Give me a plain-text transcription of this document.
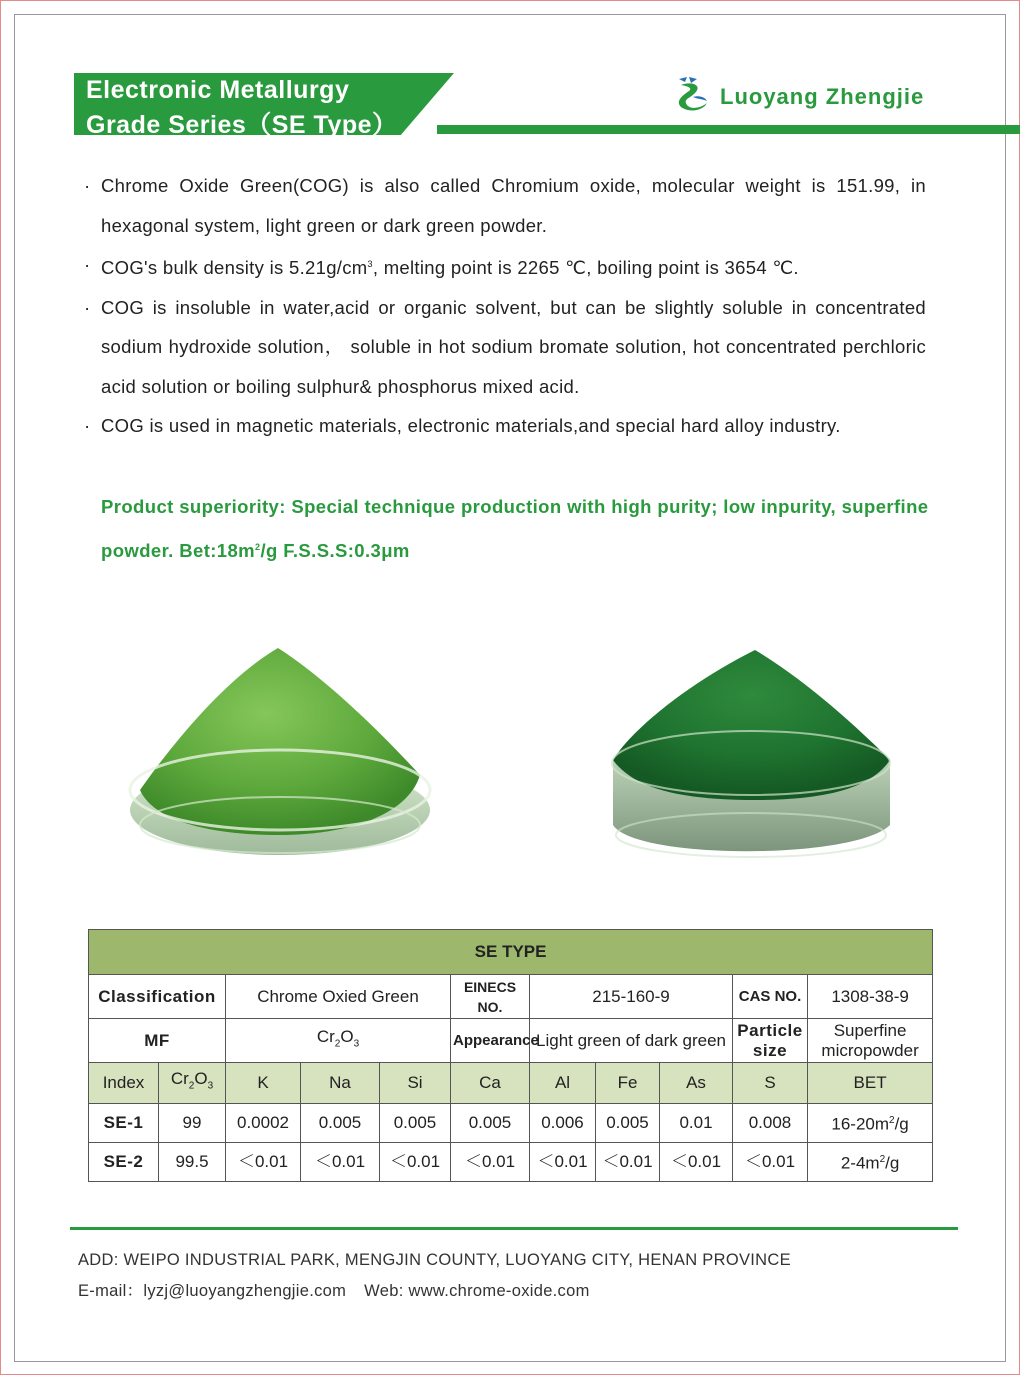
Electronic Metallurgy
Grade Series（SE Type）
Luoyang Zhengjie
· Chrome Oxide Green(COG) is also called Chromium oxide, molecular weight is 151.99, in hexagonal system, light green or dark green powder.
· COG's bulk density is $5.21g/cm^3$, melting point is 2265 ℃, boiling point is 3654 ℃.
· COG is insoluble in water,acid or organic solvent, but can be slightly soluble in concentrated sodium hydroxide solution， soluble in hot sodium bromate solution, hot concentrated perchloric acid solution or boiling sulphur& phosphorus mixed acid.
· COG is used in magnetic materials, electronic materials,and special hard alloy industry.
Product superiority: Special technique production with high purity; low inpurity, superfine powder. $Bet:18m^2/g$ F.S.S.S:0.3μm
SE TYPE										
Classification		Chrome Oxied Green			EINECS NO.	215-160-9			CAS NO.	1308-38-9
MF		$Cr_2O_3$			Appearance	Light green of dark green			Particle size	Superfine micropowder
Index	$Cr_2O_3$	K	Na	Si	Ca	Al	Fe	As	S	BET
SE-1	99	0.0002	0.005	0.005	0.005	0.006	0.005	0.01	0.008	$16-20m^2/g$
SE-2	99.5	＜0.01	＜0.01	＜0.01	＜0.01	＜0.01	＜0.01	＜0.01	＜0.01	$2-4m^2/g$
ADD: WEIPO INDUSTRIAL PARK, MENGJIN COUNTY, LUOYANG CITY, HENAN PROVINCE
E-mail：lyzj@luoyangzhengjie.com Web: www.chrome-oxide.com
